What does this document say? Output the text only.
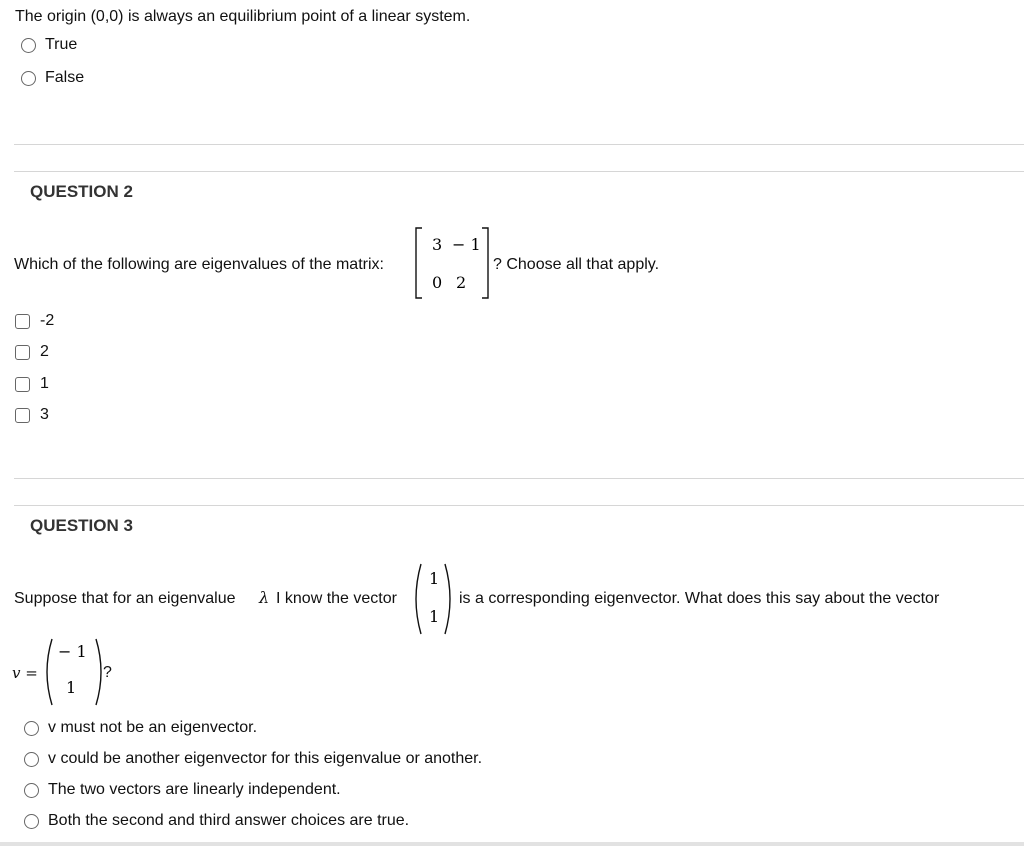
The origin (0,0) is always an equilibrium point of a linear system.
True
False
QUESTION 2
Which of the following are eigenvalues of the matrix:
3 − 1
0 2
? Choose all that apply.
-2
2
1
3
QUESTION 3
Suppose that for an eigenvalue λ I know the vector
1
1
is a corresponding eigenvector. What does this say about the vector
v =
− 1
1
?
v must not be an eigenvector.
v could be another eigenvector for this eigenvalue or another.
The two vectors are linearly independent.
Both the second and third answer choices are true.
